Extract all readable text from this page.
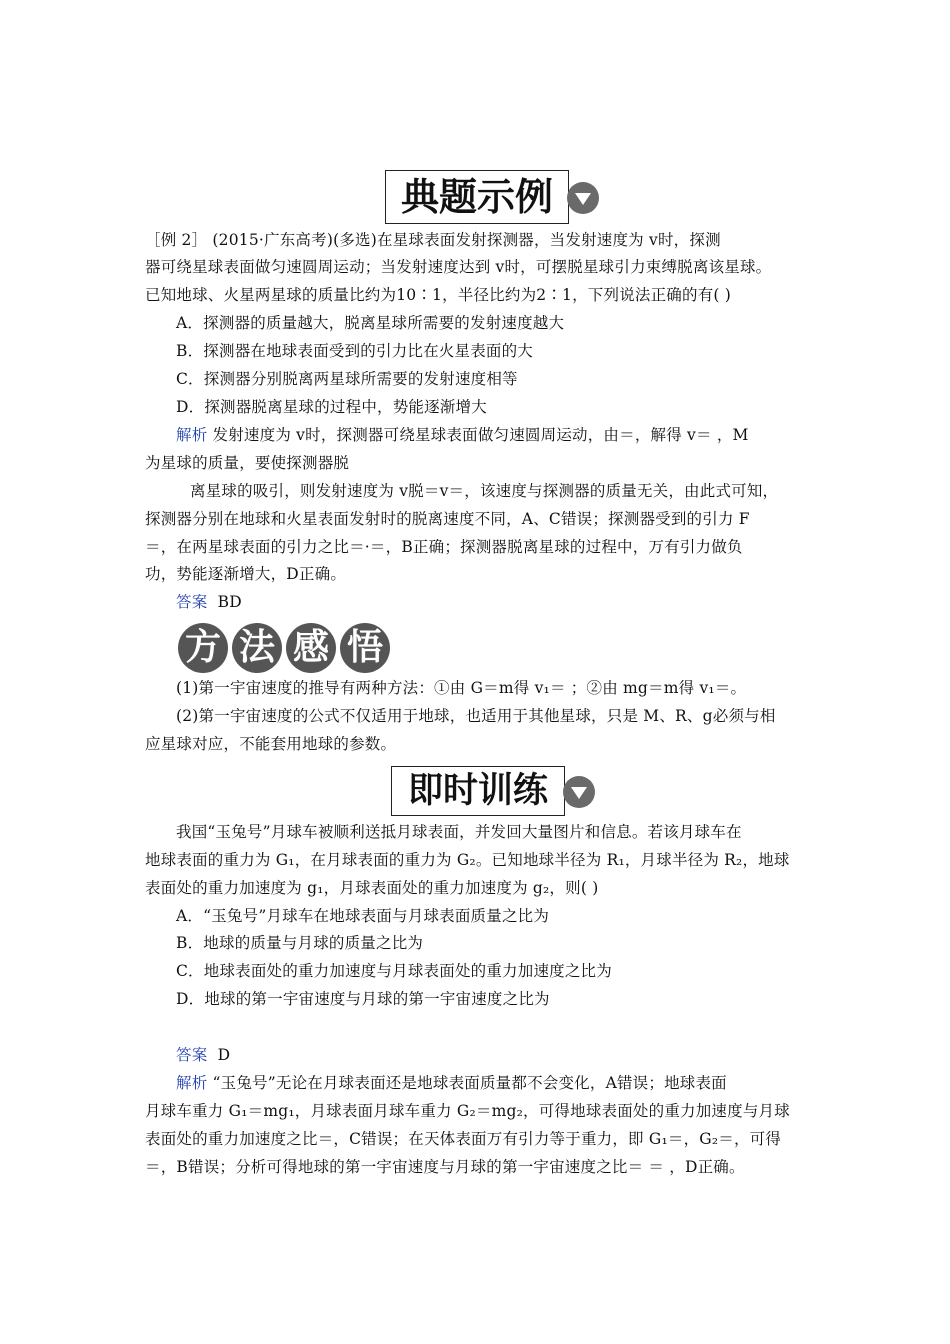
典题示例
［例 2］ (2015·广东高考)(多选)在星球表面发射探测器，当发射速度为 v时，探测
器可绕星球表面做匀速圆周运动；当发射速度达到 v时，可摆脱星球引力束缚脱离该星球。
已知地球、火星两星球的质量比约为10∶1，半径比约为2∶1，下列说法正确的有( )
A．探测器的质量越大，脱离星球所需要的发射速度越大
B．探测器在地球表面受到的引力比在火星表面的大
C．探测器分别脱离两星球所需要的发射速度相等
D．探测器脱离星球的过程中，势能逐渐增大
解析 发射速度为 v时，探测器可绕星球表面做匀速圆周运动，由＝，解得 v＝ ，M
为星球的质量，要使探测器脱
离星球的吸引，则发射速度为 v脱＝v＝，该速度与探测器的质量无关，由此式可知，
探测器分别在地球和火星表面发射时的脱离速度不同，A、C错误；探测器受到的引力 F
＝，在两星球表面的引力之比＝·＝，B正确；探测器脱离星球的过程中，万有引力做负
功，势能逐渐增大，D正确。
答案 BD
方 法 感 悟
(1)第一宇宙速度的推导有两种方法：①由 G＝m得 v₁＝ ；②由 mg＝m得 v₁＝。
(2)第一宇宙速度的公式不仅适用于地球，也适用于其他星球，只是 M、R、g必须与相
应星球对应，不能套用地球的参数。
即时训练
我国“玉兔号”月球车被顺利送抵月球表面，并发回大量图片和信息。若该月球车在
地球表面的重力为 G₁，在月球表面的重力为 G₂。已知地球半径为 R₁，月球半径为 R₂，地球
表面处的重力加速度为 g₁，月球表面处的重力加速度为 g₂，则( )
A．“玉兔号”月球车在地球表面与月球表面质量之比为
B．地球的质量与月球的质量之比为
C．地球表面处的重力加速度与月球表面处的重力加速度之比为
D．地球的第一宇宙速度与月球的第一宇宙速度之比为
答案 D
解析 “玉兔号”无论在月球表面还是地球表面质量都不会变化，A错误；地球表面
月球车重力 G₁＝mg₁，月球表面月球车重力 G₂＝mg₂，可得地球表面处的重力加速度与月球
表面处的重力加速度之比＝，C错误；在天体表面万有引力等于重力，即 G₁＝，G₂＝，可得
＝，B错误；分析可得地球的第一宇宙速度与月球的第一宇宙速度之比＝ ＝ ，D正确。
